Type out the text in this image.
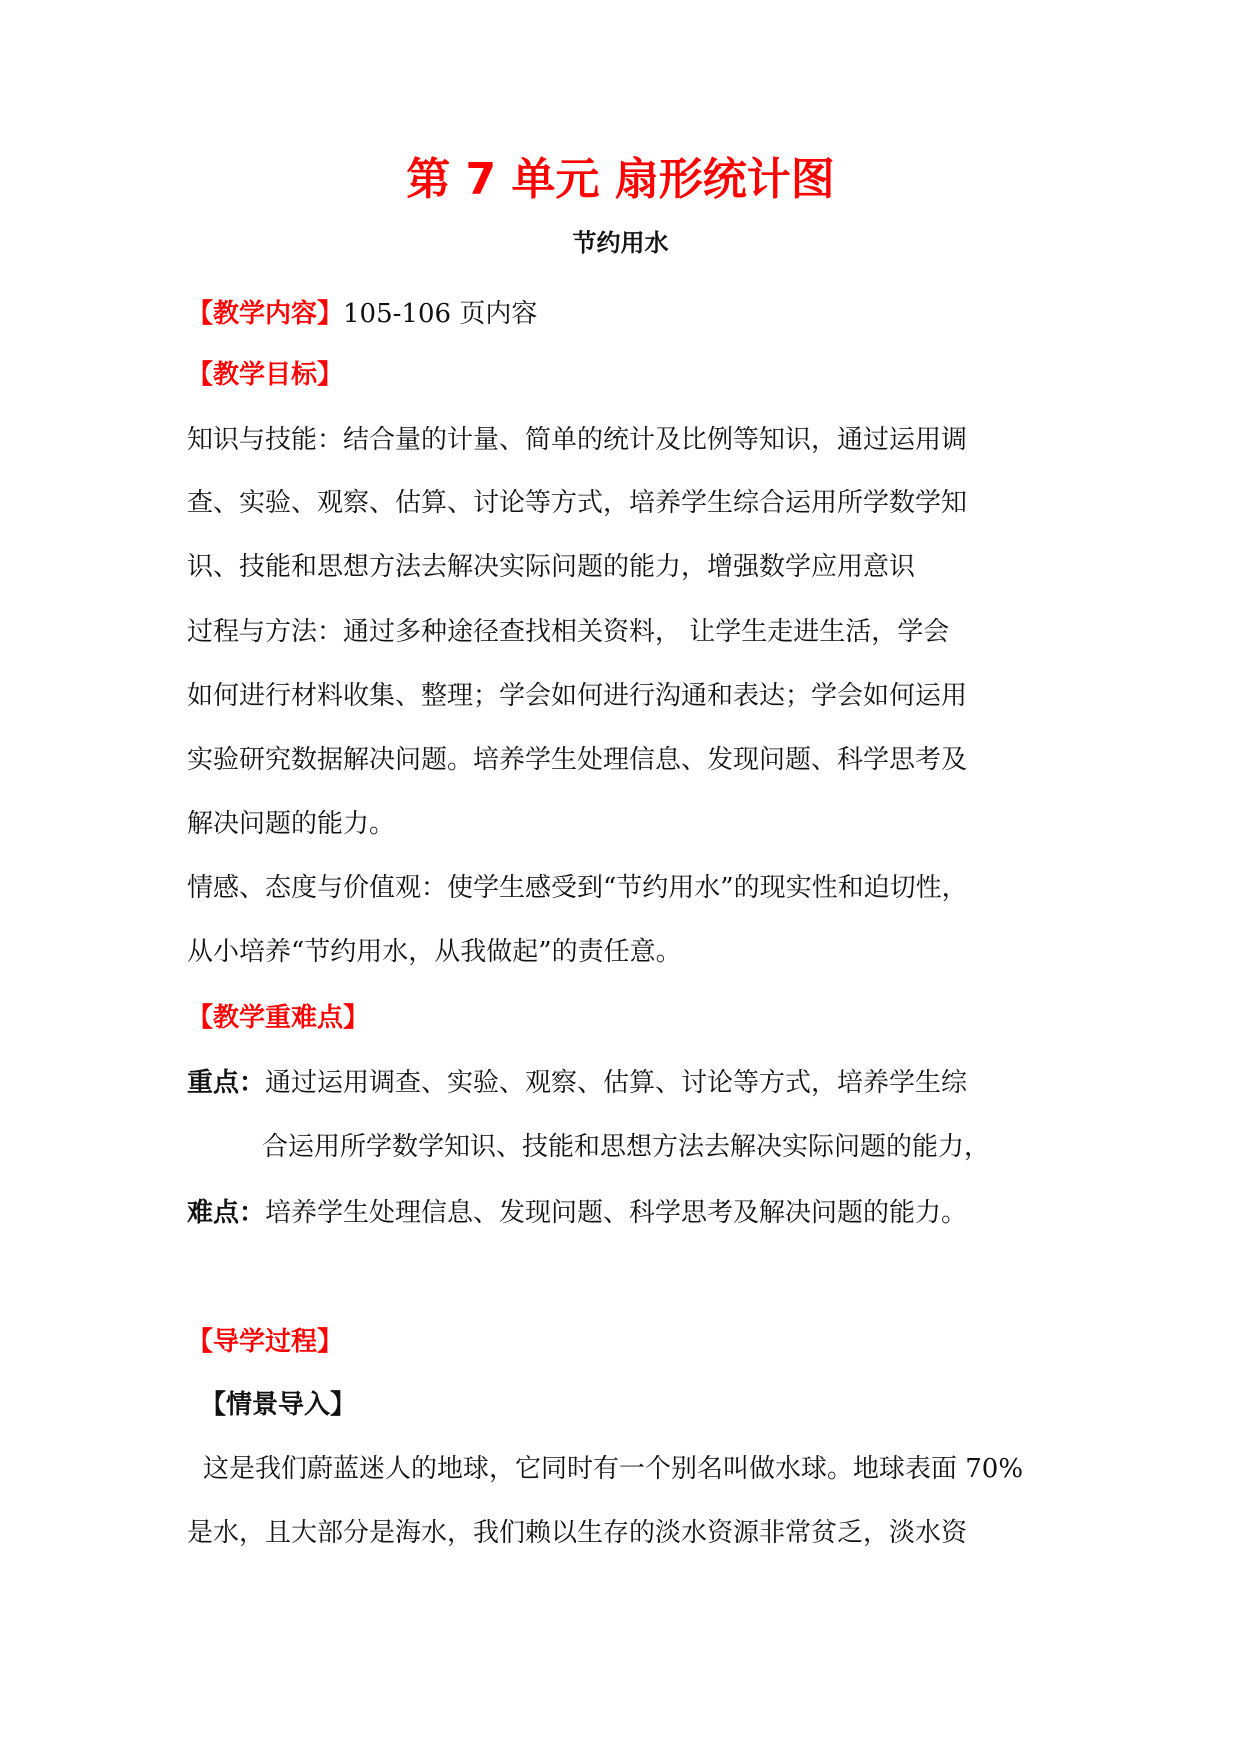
第 7 单元 扇形统计图
节约用水
【教学内容】105-106 页内容
【教学目标】
知识与技能：结合量的计量、简单的统计及比例等知识，通过运用调
查、实验、观察、估算、讨论等方式，培养学生综合运用所学数学知
识、技能和思想方法去解决实际问题的能力，增强数学应用意识
过程与方法：通过多种途径查找相关资料， 让学生走进生活，学会
如何进行材料收集、整理；学会如何进行沟通和表达；学会如何运用
实验研究数据解决问题。培养学生处理信息、发现问题、科学思考及
解决问题的能力。
情感、态度与价值观：使学生感受到“节约用水”的现实性和迫切性，
从小培养“节约用水，从我做起”的责任意。
【教学重难点】
重点：通过运用调查、实验、观察、估算、讨论等方式，培养学生综
合运用所学数学知识、技能和思想方法去解决实际问题的能力，
难点：培养学生处理信息、发现问题、科学思考及解决问题的能力。
【导学过程】
【情景导入】
这是我们蔚蓝迷人的地球，它同时有一个别名叫做水球。地球表面 70%
是水，且大部分是海水，我们赖以生存的淡水资源非常贫乏，淡水资
